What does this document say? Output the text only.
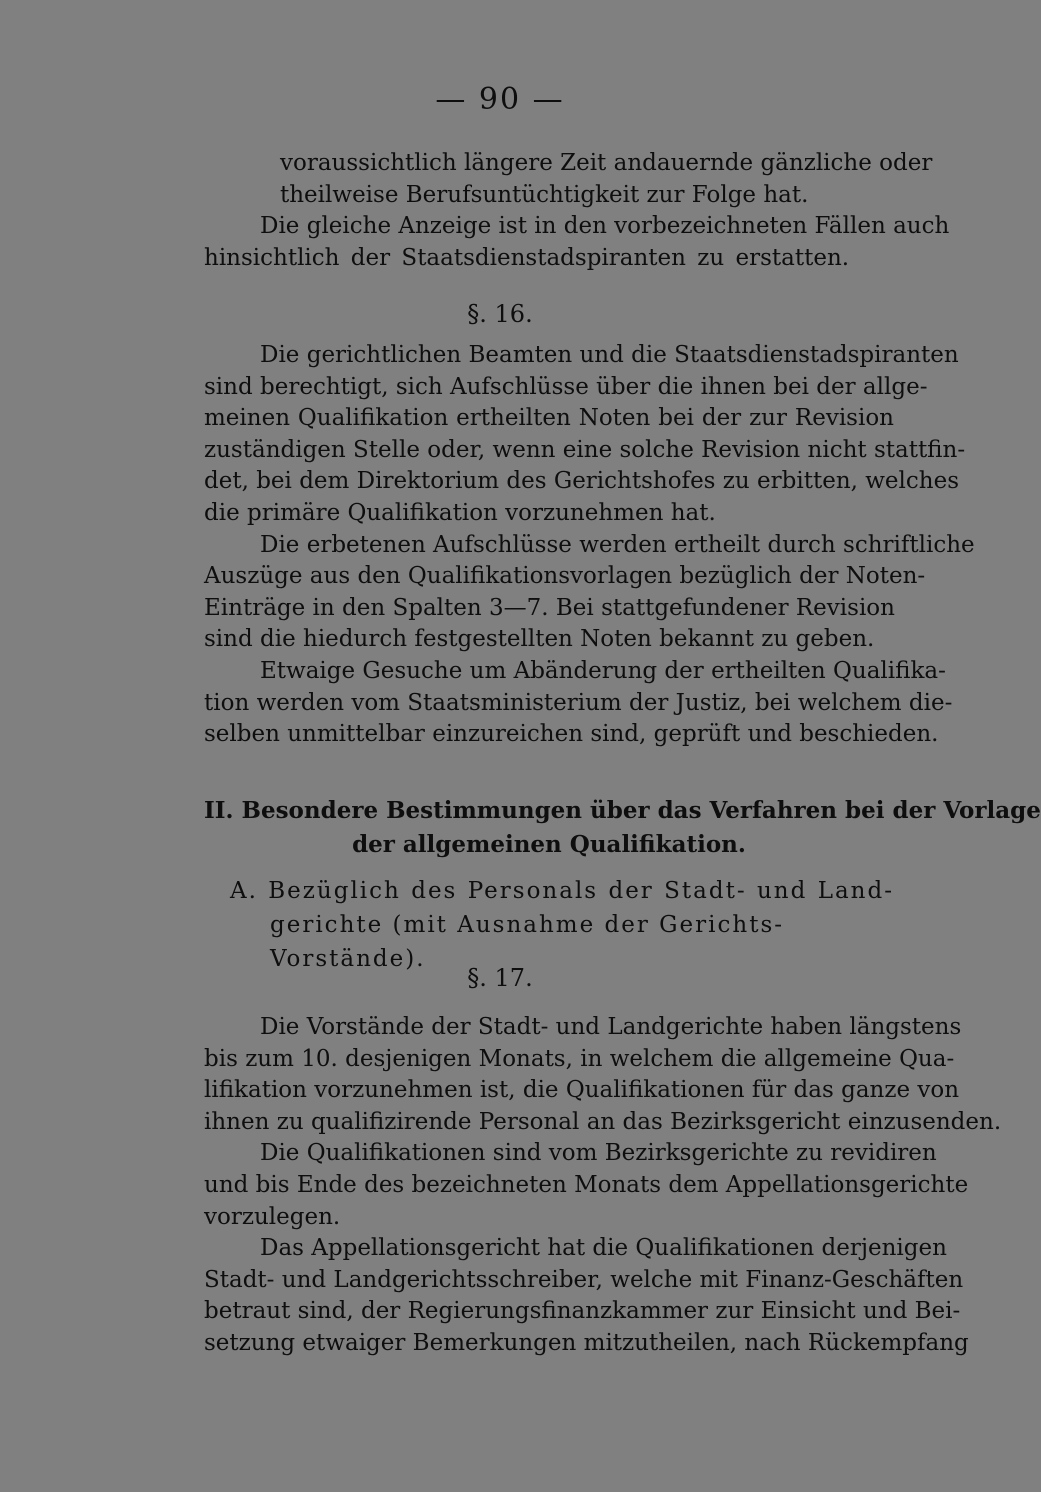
— 90 —
voraussichtlich längere Zeit andauernde gänzliche oder
theilweise Berufsuntüchtigkeit zur Folge hat.
Die gleiche Anzeige ist in den vorbezeichneten Fällen auch
hinsichtlich der Staatsdienstadspiranten zu erstatten.
§. 16.
Die gerichtlichen Beamten und die Staatsdienstadspiranten
sind berechtigt, sich Aufschlüsse über die ihnen bei der allge-
meinen Qualifikation ertheilten Noten bei der zur Revision
zuständigen Stelle oder, wenn eine solche Revision nicht stattfin-
det, bei dem Direktorium des Gerichtshofes zu erbitten, welches
die primäre Qualifikation vorzunehmen hat.
Die erbetenen Aufschlüsse werden ertheilt durch schriftliche
Auszüge aus den Qualifikationsvorlagen bezüglich der Noten-
Einträge in den Spalten 3—7. Bei stattgefundener Revision
sind die hiedurch festgestellten Noten bekannt zu geben.
Etwaige Gesuche um Abänderung der ertheilten Qualifika-
tion werden vom Staatsministerium der Justiz, bei welchem die-
selben unmittelbar einzureichen sind, geprüft und beschieden.
II. Besondere Bestimmungen über das Verfahren bei der Vorlage
der allgemeinen Qualifikation.
A. Bezüglich des Personals der Stadt- und Land-
gerichte (mit Ausnahme der Gerichts-Vorstände).
§. 17.
Die Vorstände der Stadt- und Landgerichte haben längstens
bis zum 10. desjenigen Monats, in welchem die allgemeine Qua-
lifikation vorzunehmen ist, die Qualifikationen für das ganze von
ihnen zu qualifizirende Personal an das Bezirksgericht einzusenden.
Die Qualifikationen sind vom Bezirksgerichte zu revidiren
und bis Ende des bezeichneten Monats dem Appellationsgerichte
vorzulegen.
Das Appellationsgericht hat die Qualifikationen derjenigen
Stadt- und Landgerichtsschreiber, welche mit Finanz-Geschäften
betraut sind, der Regierungsfinanzkammer zur Einsicht und Bei-
setzung etwaiger Bemerkungen mitzutheilen, nach Rückempfang
